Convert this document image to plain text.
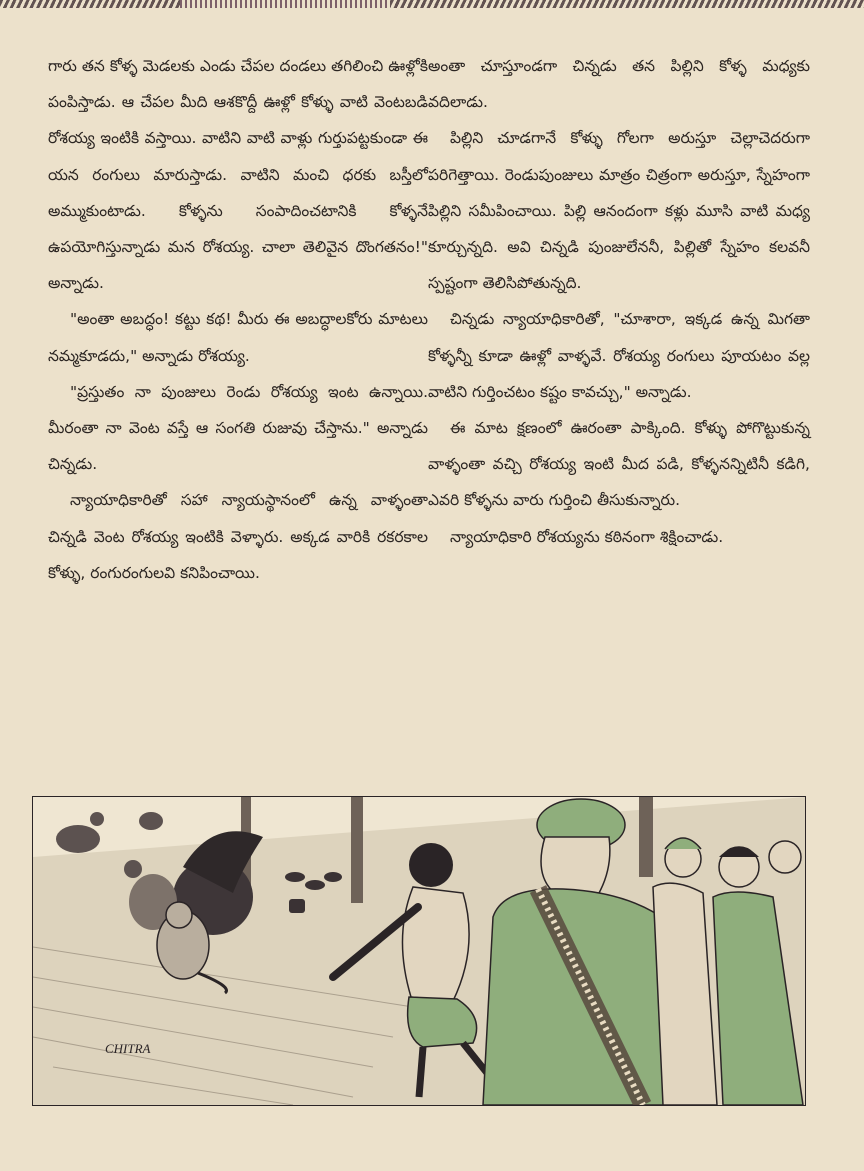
గారు తన కోళ్ళ మెడలకు ఎండు చేపల దండలు తగిలించి ఊళ్లోకి పంపిస్తాడు. ఆ చేపల మీది ఆశకొద్దీ ఊళ్లో కోళ్ళు వాటి వెంటబడి రోశయ్య ఇంటికి వస్తాయి. వాటిని వాటి వాళ్లు గుర్తుపట్టకుండా ఈ యన రంగులు మారుస్తాడు. వాటిని మంచి ధరకు బస్తీలో అమ్ముకుంటాడు. కోళ్ళను సంపాదించటానికి కోళ్ళనే ఉపయోగిస్తున్నాడు మన రోశయ్య. చాలా తెలివైన దొంగతనం!" అన్నాడు.

"అంతా అబద్ధం! కట్టు కథ! మీరు ఈ అబద్ధాలకోరు మాటలు నమ్మకూడదు," అన్నాడు రోశయ్య.

"ప్రస్తుతం నా పుంజులు రెండు రోశయ్య ఇంట ఉన్నాయి. మీరంతా నా వెంట వస్తే ఆ సంగతి రుజువు చేస్తాను." అన్నాడు చిన్నడు.

న్యాయాధికారితో సహా న్యాయస్థానంలో ఉన్న వాళ్ళంతా చిన్నడి వెంట రోశయ్య ఇంటికి వెళ్ళారు. అక్కడ వారికి రకరకాల కోళ్ళు, రంగురంగులవి కనిపించాయి.

అంతా చూస్తూండగా చిన్నడు తన పిల్లిని కోళ్ళ మధ్యకు వదిలాడు.

పిల్లిని చూడగానే కోళ్ళు గోలగా అరుస్తూ చెల్లాచెదరుగా పరిగెత్తాయి. రెండుపుంజులు మాత్రం చిత్రంగా అరుస్తూ, స్నేహంగా పిల్లిని సమీపించాయి. పిల్లి ఆనందంగా కళ్లు మూసి వాటి మధ్య కూర్చున్నది. అవి చిన్నడి పుంజులేననీ, పిల్లితో స్నేహం కలవనీ స్పష్టంగా తెలిసిపోతున్నది.

చిన్నడు న్యాయాధికారితో, "చూశారా, ఇక్కడ ఉన్న మిగతా కోళ్ళన్నీ కూడా ఊళ్లో వాళ్ళవే. రోశయ్య రంగులు పూయటం వల్ల వాటిని గుర్తించటం కష్టం కావచ్చు," అన్నాడు.

ఈ మాట క్షణంలో ఊరంతా పాక్కింది. కోళ్ళు పోగొట్టుకున్న వాళ్ళంతా వచ్చి రోశయ్య ఇంటి మీద పడి, కోళ్ళనన్నిటినీ కడిగి, ఎవరి కోళ్ళను వారు గుర్తించి తీసుకున్నారు.

న్యాయాధికారి రోశయ్యను కఠినంగా శిక్షించాడు.

CHITRA
